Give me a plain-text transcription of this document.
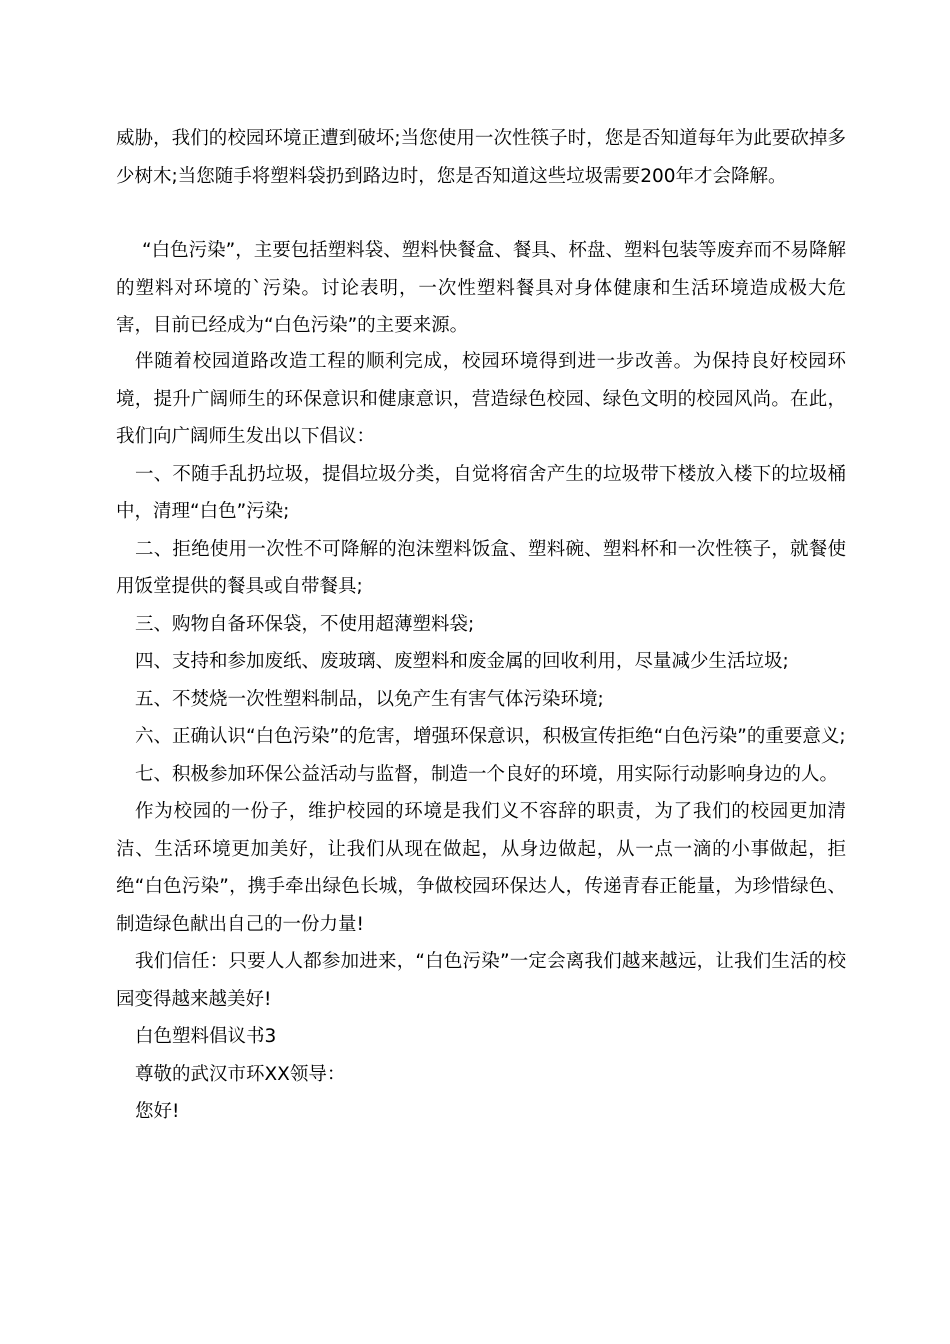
威胁，我们的校园环境正遭到破坏;当您使用一次性筷子时，您是否知道每年为此要砍掉多少树木;当您随手将塑料袋扔到路边时，您是否知道这些垃圾需要200年才会降解。

“白色污染”，主要包括塑料袋、塑料快餐盒、餐具、杯盘、塑料包装等废弃而不易降解的塑料对环境的`污染。讨论表明，一次性塑料餐具对身体健康和生活环境造成极大危害，目前已经成为“白色污染”的主要来源。

伴随着校园道路改造工程的顺利完成，校园环境得到进一步改善。为保持良好校园环境，提升广阔师生的环保意识和健康意识，营造绿色校园、绿色文明的校园风尚。在此，我们向广阔师生发出以下倡议：

一、不随手乱扔垃圾，提倡垃圾分类，自觉将宿舍产生的垃圾带下楼放入楼下的垃圾桶中，清理“白色”污染;

二、拒绝使用一次性不可降解的泡沫塑料饭盒、塑料碗、塑料杯和一次性筷子，就餐使用饭堂提供的餐具或自带餐具;

三、购物自备环保袋，不使用超薄塑料袋;

四、支持和参加废纸、废玻璃、废塑料和废金属的回收利用，尽量减少生活垃圾;

五、不焚烧一次性塑料制品，以免产生有害气体污染环境;

六、正确认识“白色污染”的危害，增强环保意识，积极宣传拒绝“白色污染”的重要意义;

七、积极参加环保公益活动与监督，制造一个良好的环境，用实际行动影响身边的人。

作为校园的一份子，维护校园的环境是我们义不容辞的职责，为了我们的校园更加清洁、生活环境更加美好，让我们从现在做起，从身边做起，从一点一滴的小事做起，拒绝“白色污染”，携手牵出绿色长城，争做校园环保达人，传递青春正能量，为珍惜绿色、制造绿色献出自己的一份力量!

我们信任：只要人人都参加进来，“白色污染”一定会离我们越来越远，让我们生活的校园变得越来越美好!

白色塑料倡议书3

尊敬的武汉市环XX领导：

您好!
